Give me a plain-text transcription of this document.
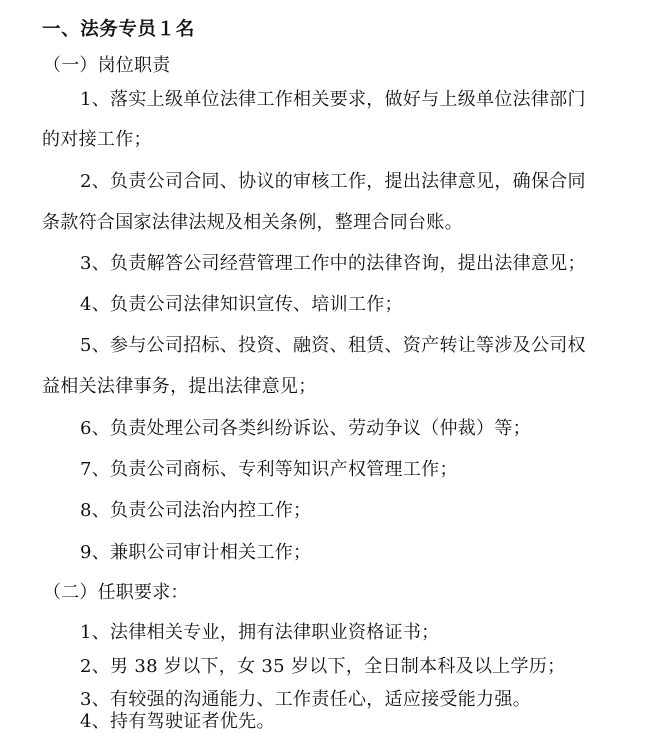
一、法务专员１名
（一）岗位职责
1、落实上级单位法律工作相关要求，做好与上级单位法律部门
的对接工作；
2、负责公司合同、协议的审核工作，提出法律意见，确保合同
条款符合国家法律法规及相关条例，整理合同台账。
3、负责解答公司经营管理工作中的法律咨询，提出法律意见；
4、负责公司法律知识宣传、培训工作；
5、参与公司招标、投资、融资、租赁、资产转让等涉及公司权
益相关法律事务，提出法律意见；
6、负责处理公司各类纠纷诉讼、劳动争议（仲裁）等；
7、负责公司商标、专利等知识产权管理工作；
8、负责公司法治内控工作；
9、兼职公司审计相关工作；
（二）任职要求：
1、法律相关专业，拥有法律职业资格证书；
2、男 38 岁以下，女 35 岁以下，全日制本科及以上学历；
3、有较强的沟通能力、工作责任心，适应接受能力强。
4、持有驾驶证者优先。
